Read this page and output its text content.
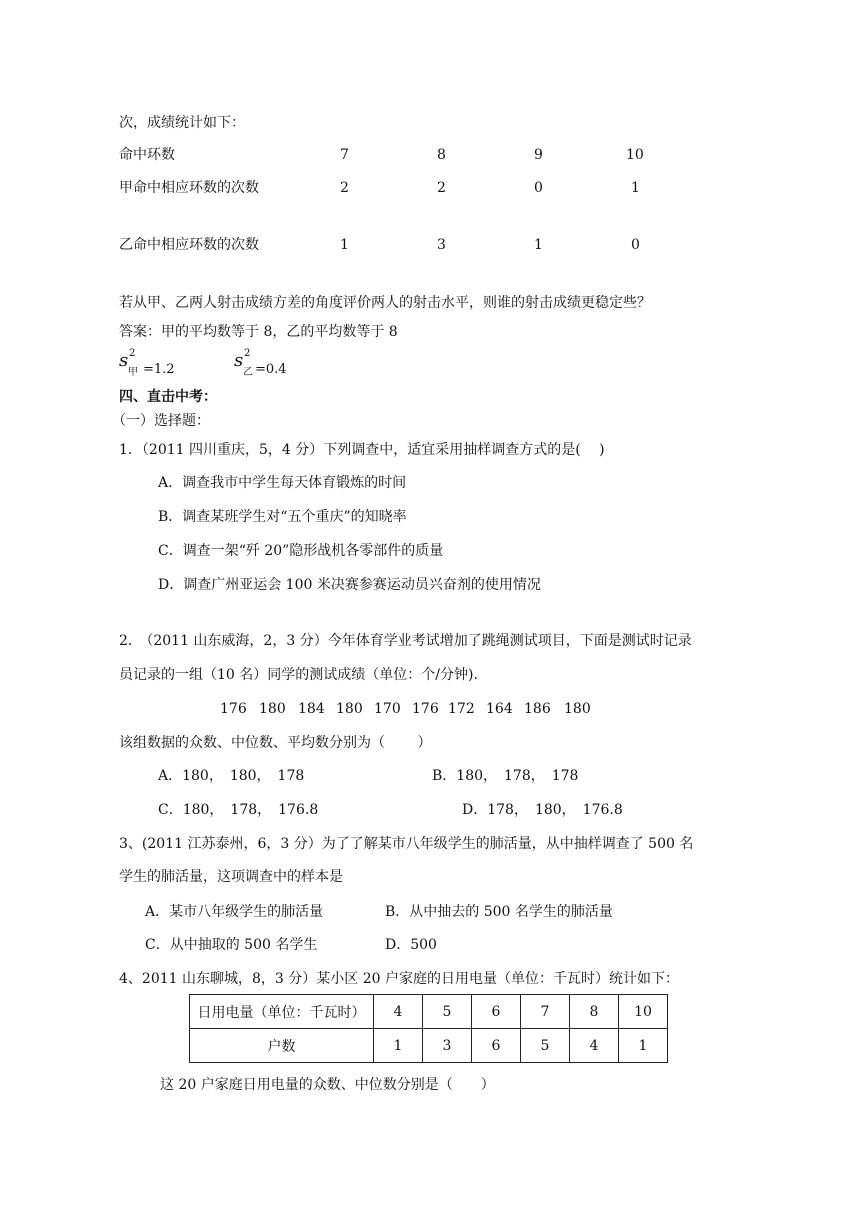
次，成绩统计如下：
命中环数	7	8	9	10
甲命中相应环数的次数	2	2	0	1
乙命中相应环数的次数	1	3	1	0
若从甲、乙两人射击成绩方差的角度评价两人的射击水平，则谁的射击成绩更稳定些？
答案：甲的平均数等于 8，乙的平均数等于 8
s 2
甲 =1.2	s 2
乙 =0.4
四、直击中考：
（一）选择题：
1．（2011 四川重庆，5，4 分）下列调查中，适宜采用抽样调查方式的是(　 )
A．调查我市中学生每天体育锻炼的时间
B．调查某班学生对“五个重庆”的知晓率
C．调查一架“歼 20”隐形战机各零部件的质量
D．调查广州亚运会 100 米决赛参赛运动员兴奋剂的使用情况
2.　（2011 山东威海，2，3 分）今年体育学业考试增加了跳绳测试项目，下面是测试时记录
员记录的一组（10 名）同学的测试成绩（单位：个/分钟).
176 180 184 180 170 176 172 164 186 180
该组数据的众数、中位数、平均数分别为（　　 ）
A．180，　180，　178	B．180，　178，　178
C．180，　178，　176.8	D．178，　180，　176.8
3、(2011 江苏泰州，6，3 分）为了了解某市八年级学生的肺活量，从中抽样调查了 500 名
学生的肺活量，这项调查中的样本是
A．某市八年级学生的肺活量	B．从中抽去的 500 名学生的肺活量
C．从中抽取的 500 名学生	D．500
4、2011 山东聊城，8，3 分）某小区 20 户家庭的日用电量（单位：千瓦时）统计如下：
日用电量（单位：千瓦时）	4	5	6	7	8	10
户数	1	3	6	5	4	1
这 20 户家庭日用电量的众数、中位数分别是（　　）
